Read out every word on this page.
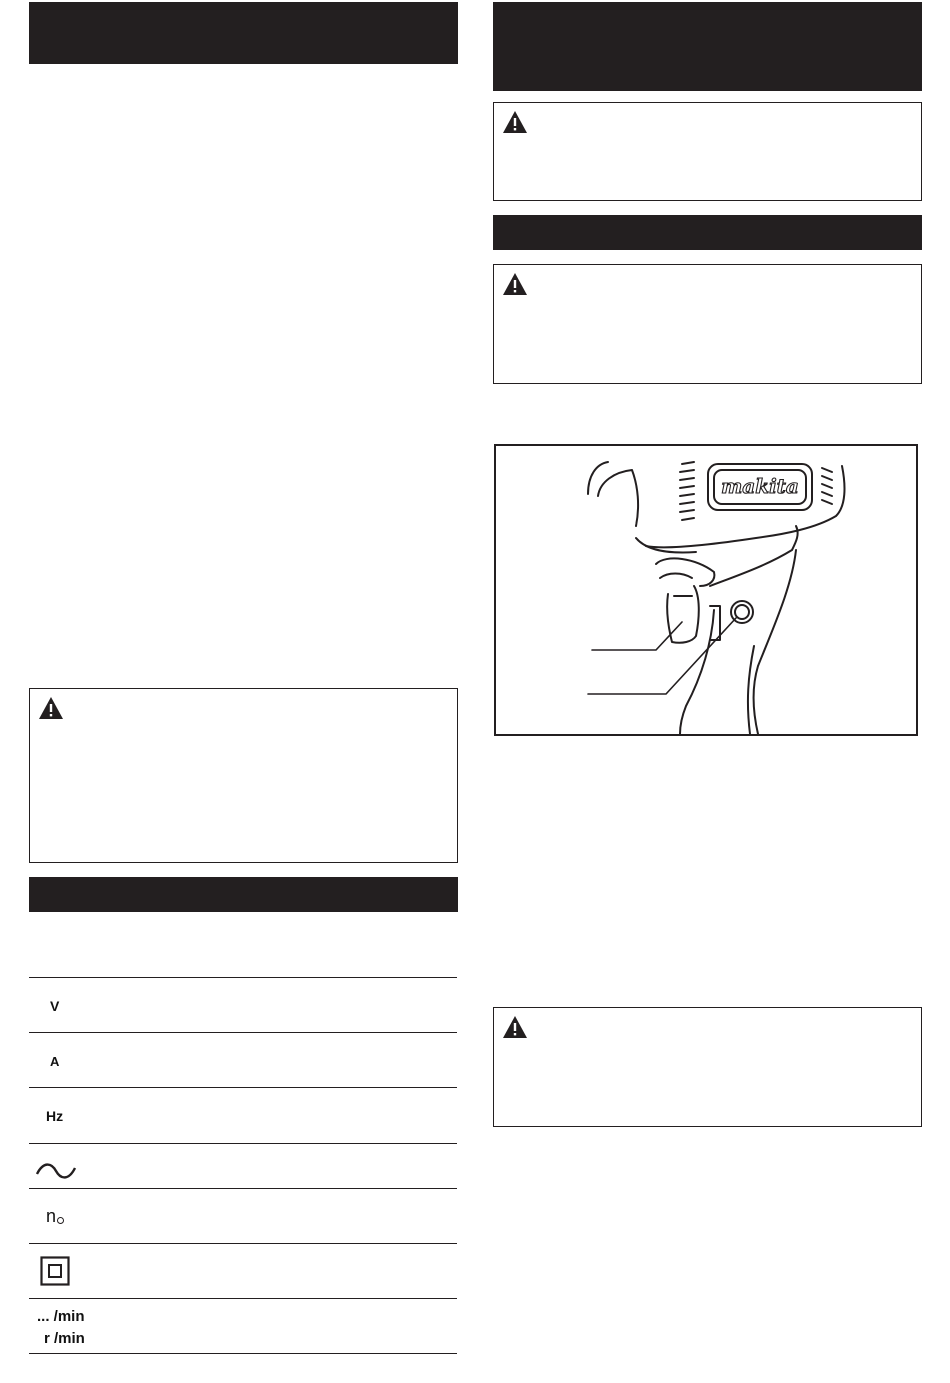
V
A
Hz
n
... /min
r /min
makita
